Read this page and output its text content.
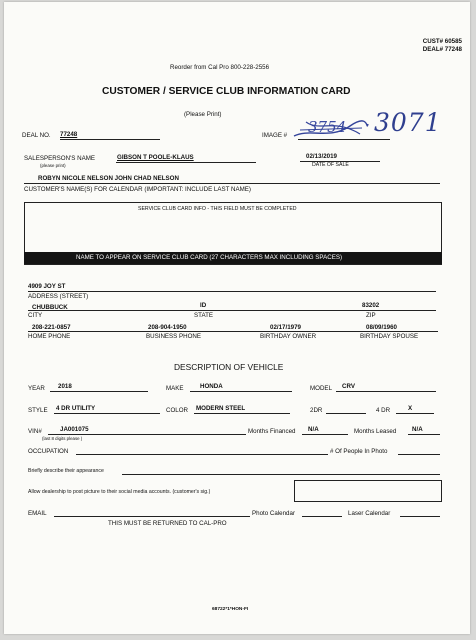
CUST# 60585
DEAL# 77248
Reorder from Cal Pro 800-228-2556
CUSTOMER / SERVICE CLUB INFORMATION CARD
(Please Print)
DEAL NO. 77248	IMAGE # 3754 3071
SALESPERSON'S NAME	GIBSON T POOLE-KLAUS
(please print)
02/13/2019
DATE OF SALE
ROBYN NICOLE NELSON JOHN CHAD NELSON
CUSTOMER'S NAME(S) FOR CALENDAR (IMPORTANT: INCLUDE LAST NAME)
SERVICE CLUB CARD INFO - THIS FIELD MUST BE COMPLETED
NAME TO APPEAR ON SERVICE CLUB CARD (27 CHARACTERS MAX INCLUDING SPACES)
4909 JOY ST
ADDRESS (STREET)
CHUBBUCK	ID	83202
CITY	STATE	ZIP
208-221-0857	208-904-1950	02/17/1979	08/09/1960
HOME PHONE	BUSINESS PHONE	BIRTHDAY OWNER	BIRTHDAY SPOUSE
DESCRIPTION OF VEHICLE
YEAR 2018	MAKE	HONDA	MODEL CRV
STYLE 4 DR UTILITY	COLOR MODERN STEEL	2DR	4 DR	X
VIN#	JA001075
(last 8 digits please )
Months Financed N/A	Months Leased	N/A
OCCUPATION	# Of People In Photo
Briefly describe their appearance
Allow dealership to post picture to their social media accounts. (customer's sig.)
EMAIL	Photo Calendar	Laser Calendar
THIS MUST BE RETURNED TO CAL-PRO
68722*1*HON-FI
